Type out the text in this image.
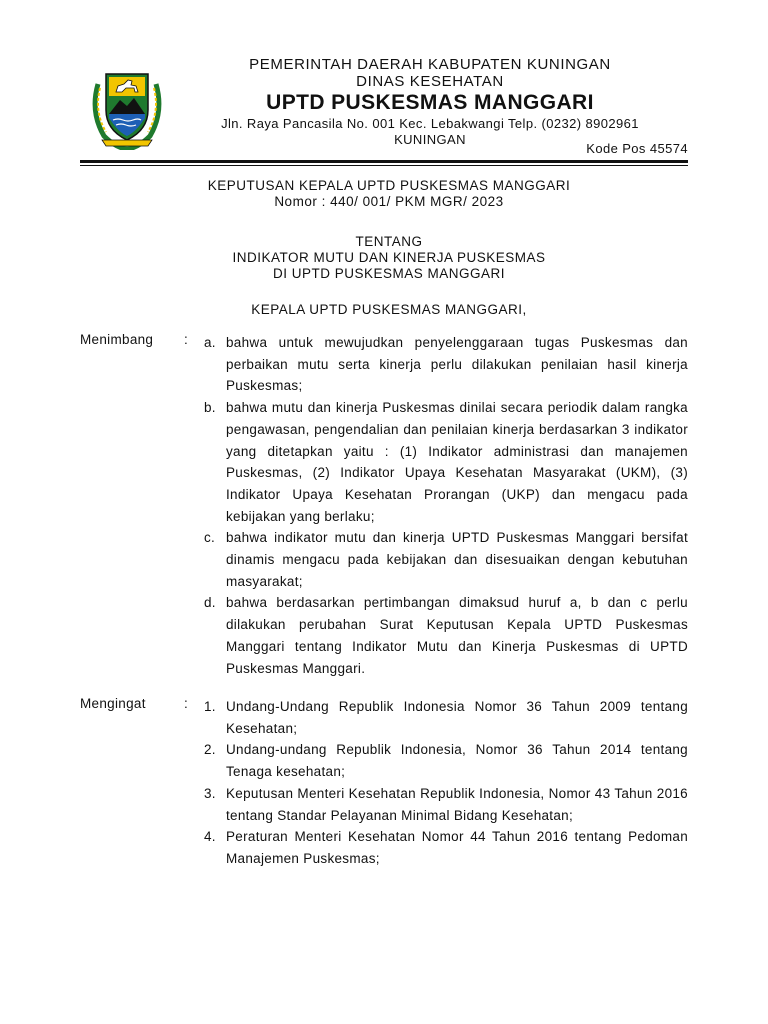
PEMERINTAH DAERAH KABUPATEN KUNINGAN
DINAS KESEHATAN
UPTD PUSKESMAS MANGGARI
Jln. Raya Pancasila No. 001 Kec. Lebakwangi Telp. (0232) 8902961
KUNINGAN
Kode Pos 45574
KEPUTUSAN KEPALA UPTD PUSKESMAS MANGGARI
Nomor : 440/ 001/ PKM MGR/ 2023
TENTANG
INDIKATOR MUTU DAN KINERJA PUSKESMAS
DI UPTD PUSKESMAS MANGGARI
KEPALA UPTD PUSKESMAS MANGGARI,
Menimbang : a. bahwa untuk mewujudkan penyelenggaraan tugas Puskesmas dan perbaikan mutu serta kinerja perlu dilakukan penilaian hasil kinerja Puskesmas;
b. bahwa mutu dan kinerja Puskesmas dinilai secara periodik dalam rangka pengawasan, pengendalian dan penilaian kinerja berdasarkan 3 indikator yang ditetapkan yaitu : (1) Indikator administrasi dan manajemen Puskesmas, (2) Indikator Upaya Kesehatan Masyarakat (UKM), (3) Indikator Upaya Kesehatan Prorangan (UKP) dan mengacu pada kebijakan yang berlaku;
c. bahwa indikator mutu dan kinerja UPTD Puskesmas Manggari bersifat dinamis mengacu pada kebijakan dan disesuaikan dengan kebutuhan masyarakat;
d. bahwa berdasarkan pertimbangan dimaksud huruf a, b dan c perlu dilakukan perubahan Surat Keputusan Kepala UPTD Puskesmas Manggari tentang Indikator Mutu dan Kinerja Puskesmas di UPTD Puskesmas Manggari.
Mengingat	: 1. Undang-Undang Republik Indonesia Nomor 36 Tahun 2009 tentang Kesehatan;
2. Undang-undang Republik Indonesia, Nomor 36 Tahun 2014 tentang Tenaga kesehatan;
3. Keputusan Menteri Kesehatan Republik Indonesia, Nomor 43 Tahun 2016 tentang Standar Pelayanan Minimal Bidang Kesehatan;
4. Peraturan Menteri Kesehatan Nomor 44 Tahun 2016 tentang Pedoman Manajemen Puskesmas;
